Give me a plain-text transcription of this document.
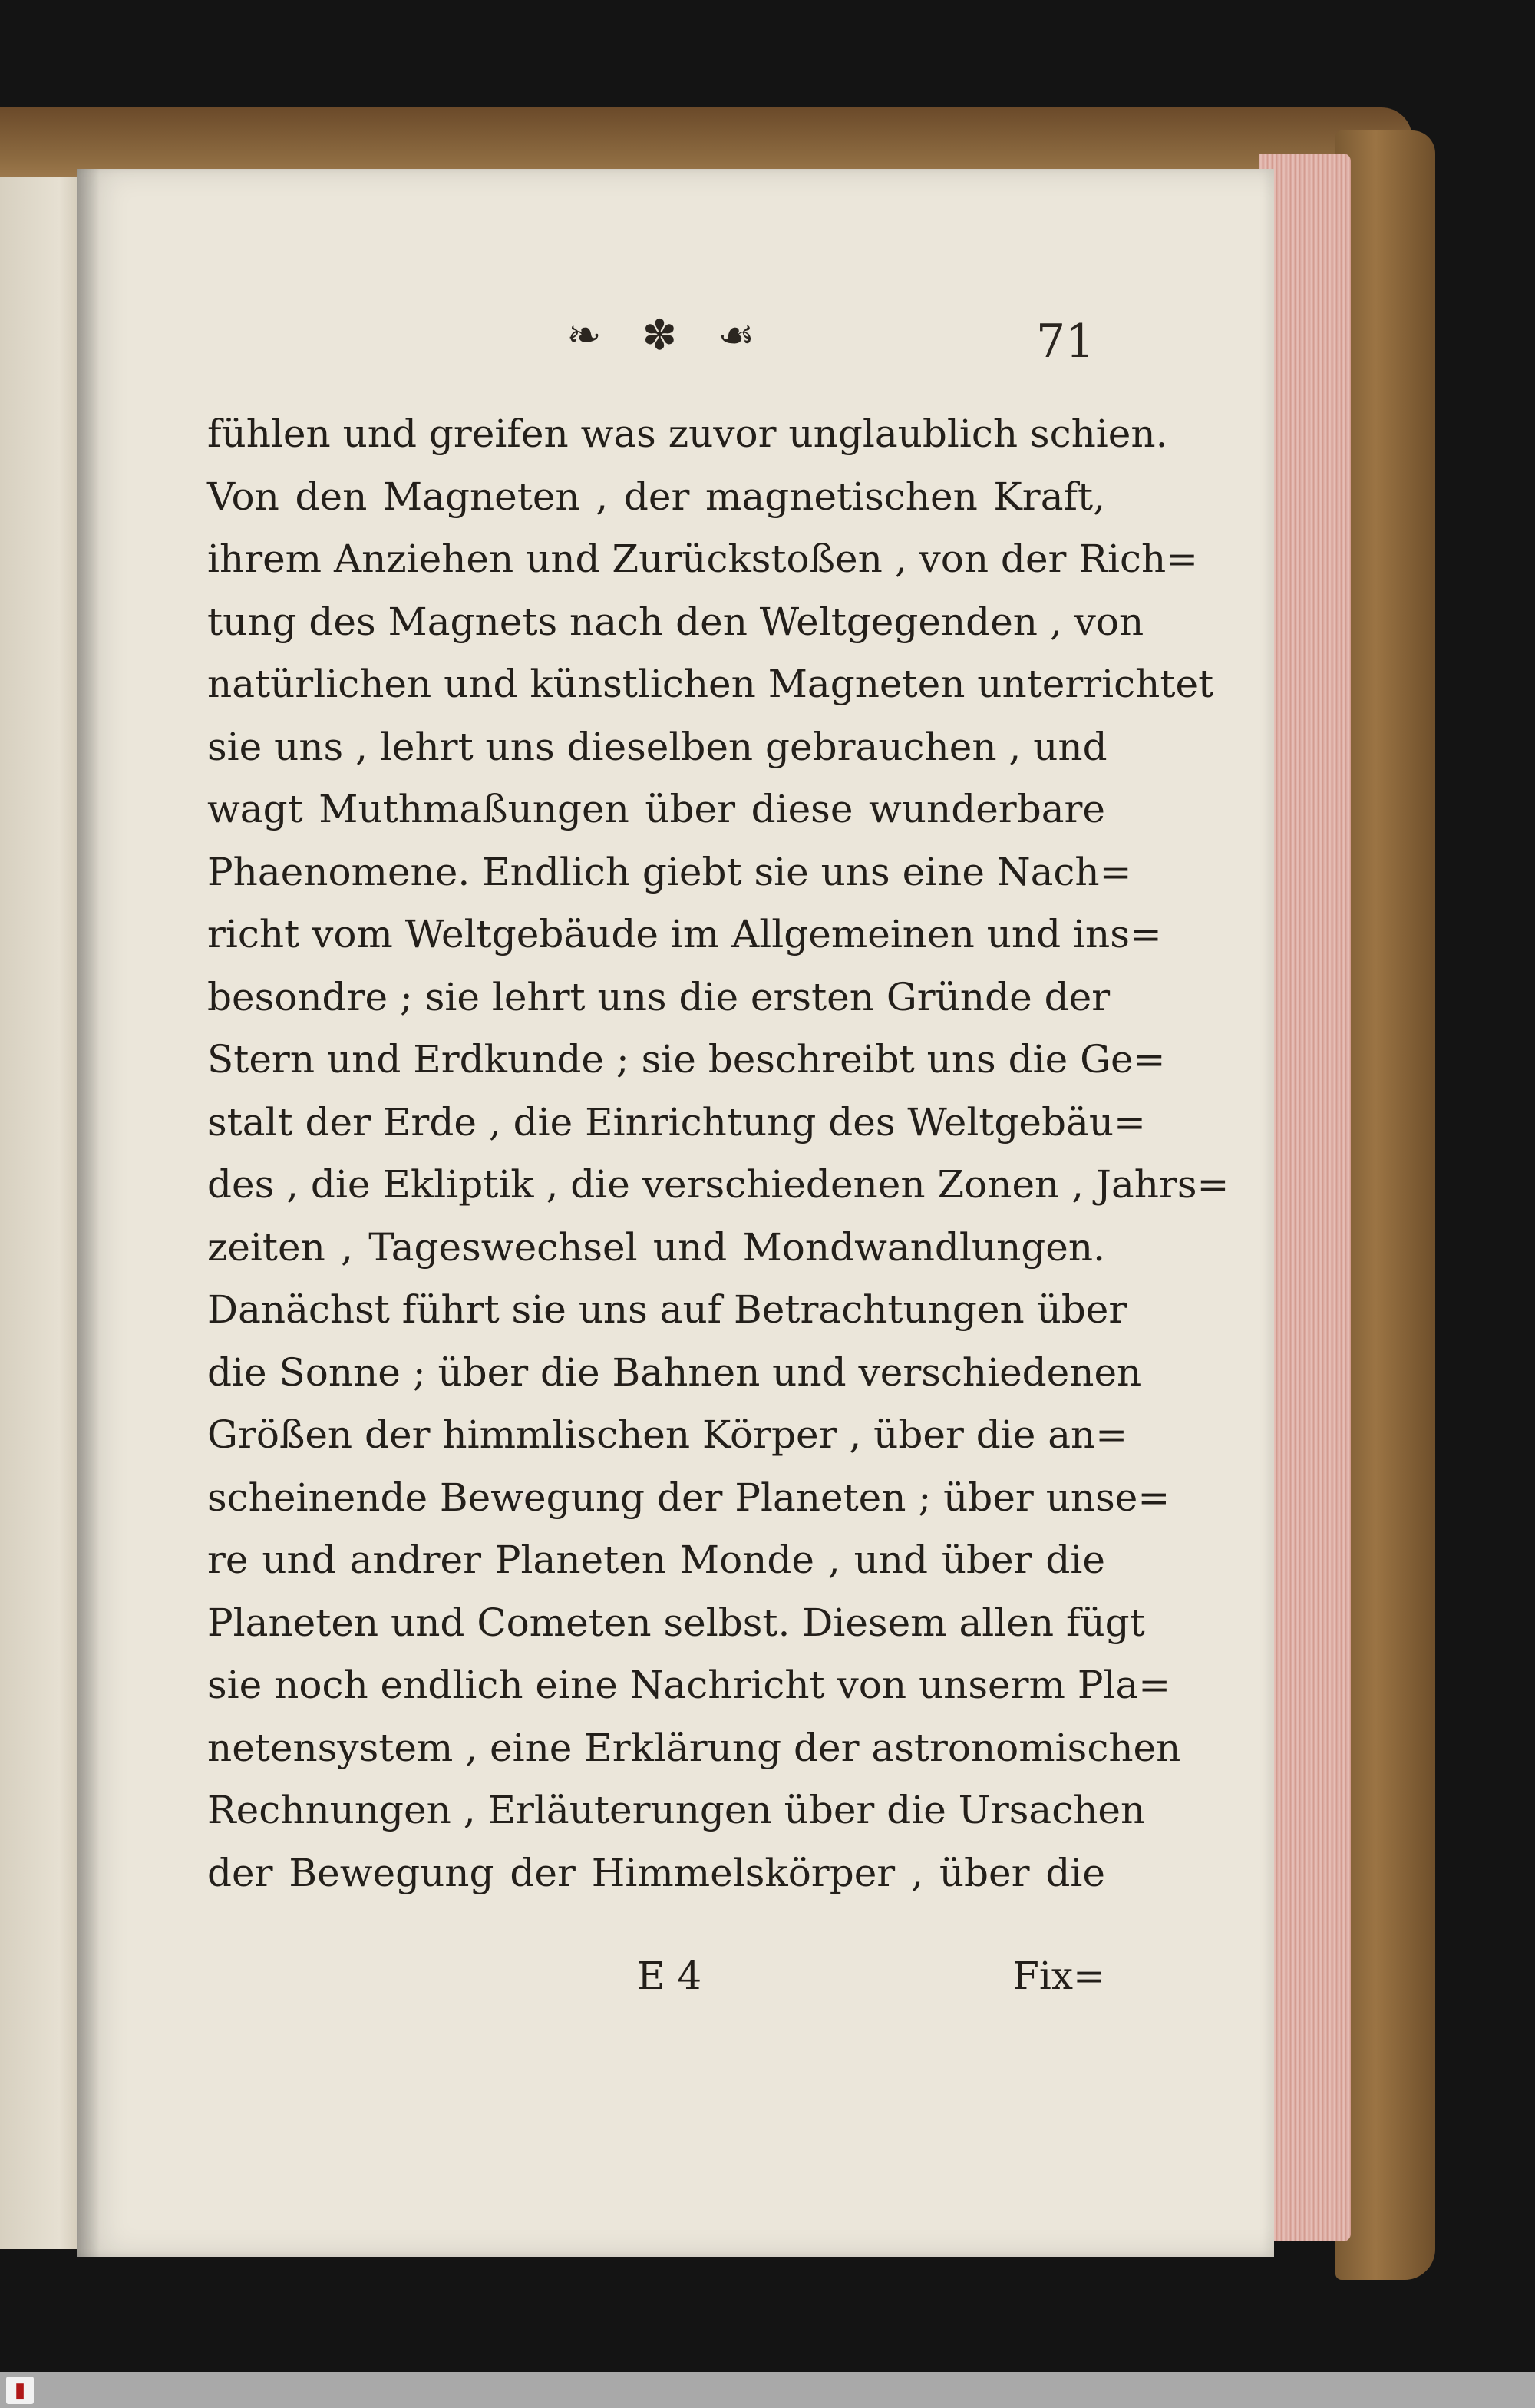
❧ ✽ ☙	71
fühlen und greifen was zuvor unglaublich schien.
Von den Magneten , der magnetischen Kraft,
ihrem Anziehen und Zurückstoßen , von der Rich=
tung des Magnets nach den Weltgegenden , von
natürlichen und künstlichen Magneten unterrichtet
sie uns , lehrt uns dieselben gebrauchen , und
wagt Muthmaßungen über diese wunderbare
Phaenomene. Endlich giebt sie uns eine Nach=
richt vom Weltgebäude im Allgemeinen und ins=
besondre ; sie lehrt uns die ersten Gründe der
Stern und Erdkunde ; sie beschreibt uns die Ge=
stalt der Erde , die Einrichtung des Weltgebäu=
des , die Ekliptik , die verschiedenen Zonen , Jahrs=
zeiten , Tageswechsel und Mondwandlungen.
Danächst führt sie uns auf Betrachtungen über
die Sonne ; über die Bahnen und verschiedenen
Größen der himmlischen Körper , über die an=
scheinende Bewegung der Planeten ; über unse=
re und andrer Planeten Monde , und über die
Planeten und Cometen selbst. Diesem allen fügt
sie noch endlich eine Nachricht von unserm Pla=
netensystem , eine Erklärung der astronomischen
Rechnungen , Erläuterungen über die Ursachen
der Bewegung der Himmelskörper , über die
E 4	Fix=
▮
